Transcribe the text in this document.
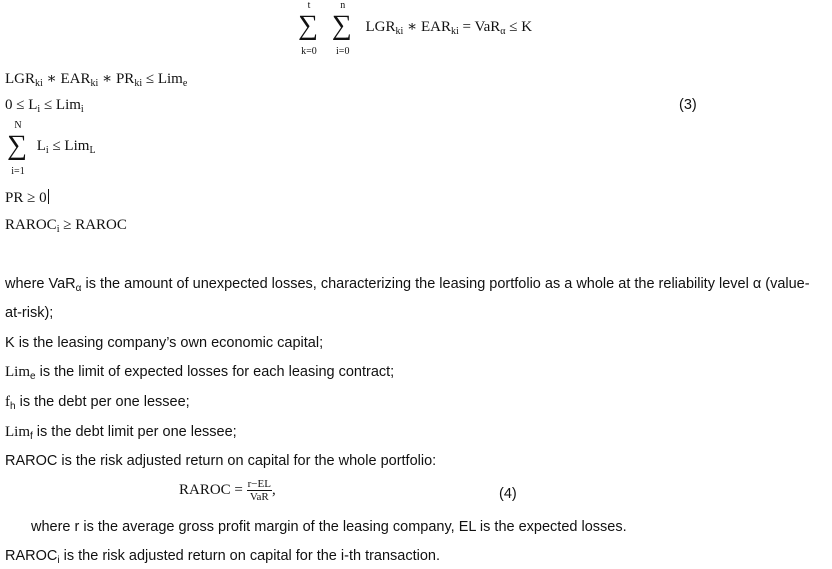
t
∑
k=0

n
∑
i=0
$LGR_{ki}$ ∗ $EAR_{ki} = VaR_\alpha \le K$
$LGR_{ki}$ ∗ $EAR_{ki}$ ∗ $PR_{ki} \le Lim_e$
$0 \le L_i \le Lim_i$	(3)
N
∑
i=1
$L_i \le Lim_L$
PR ≥ 0
$RAROC_i$ ≥ RAROC
where VaR$_\alpha$ is the amount of unexpected losses, characterizing the leasing portfolio as a whole at the reliability level α (value-
at-risk);
K is the leasing company’s own economic capital;
Lim$_e$ is the limit of expected losses for each leasing contract;
$f_h$ is the debt per one lessee;
Lim$_f$ is the debt limit per one lessee;
RAROC is the risk adjusted return on capital for the whole portfolio:
RAROC = $\frac{r-EL}{\text{VaR}}$ ,	(4)
where r is the average gross profit margin of the leasing company, EL is the expected losses.
$RAROC_i$ is the risk adjusted return on capital for the i-th transaction.
